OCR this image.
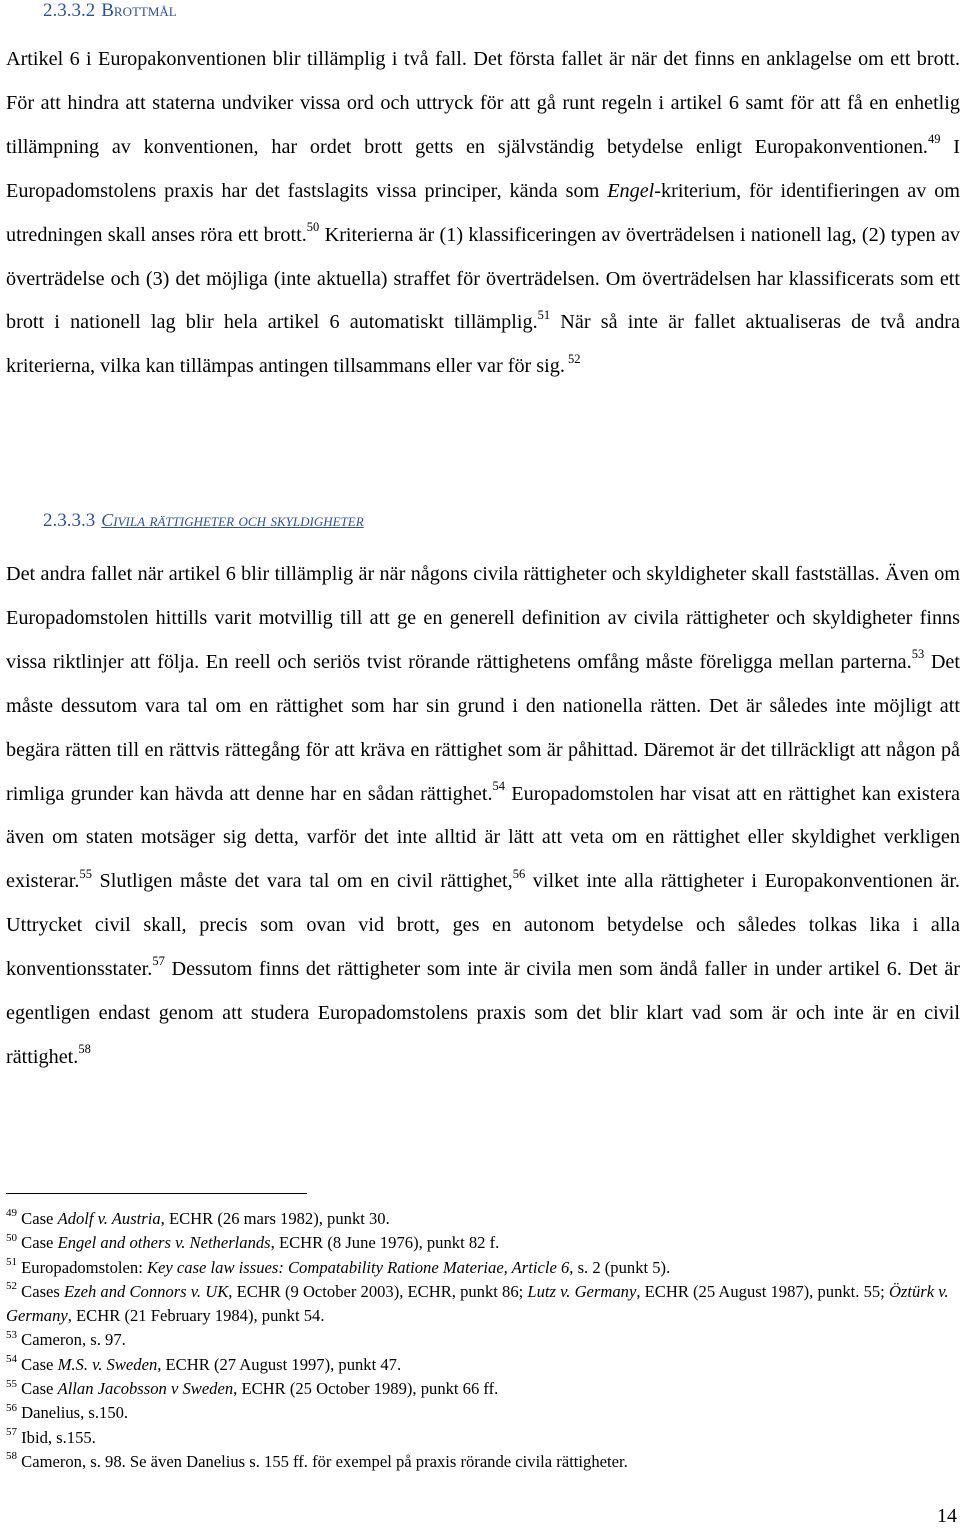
2.3.3.2 Brottmål
Artikel 6 i Europakonventionen blir tillämplig i två fall. Det första fallet är när det finns en anklagelse om ett brott. För att hindra att staterna undviker vissa ord och uttryck för att gå runt regeln i artikel 6 samt för att få en enhetlig tillämpning av konventionen, har ordet brott getts en självständig betydelse enligt Europakonventionen.$^{49}$ I Europadomstolens praxis har det fastslagits vissa principer, kända som Engel-kriterium, för identifieringen av om utredningen skall anses röra ett brott.$^{50}$ Kriterierna är (1) klassificeringen av överträdelsen i nationell lag, (2) typen av överträdelse och (3) det möjliga (inte aktuella) straffet för överträdelsen. Om överträdelsen har klassificerats som ett brott i nationell lag blir hela artikel 6 automatiskt tillämplig.$^{51}$ När så inte är fallet aktualiseras de två andra kriterierna, vilka kan tillämpas antingen tillsammans eller var för sig. $^{52}$
2.3.3.3 Civila rättigheter och skyldigheter
Det andra fallet när artikel 6 blir tillämplig är när någons civila rättigheter och skyldigheter skall fastställas. Även om Europadomstolen hittills varit motvillig till att ge en generell definition av civila rättigheter och skyldigheter finns vissa riktlinjer att följa. En reell och seriös tvist rörande rättighetens omfång måste föreligga mellan parterna.$^{53}$ Det måste dessutom vara tal om en rättighet som har sin grund i den nationella rätten. Det är således inte möjligt att begära rätten till en rättvis rättegång för att kräva en rättighet som är påhittad. Däremot är det tillräckligt att någon på rimliga grunder kan hävda att denne har en sådan rättighet.$^{54}$ Europadomstolen har visat att en rättighet kan existera även om staten motsäger sig detta, varför det inte alltid är lätt att veta om en rättighet eller skyldighet verkligen existerar.$^{55}$ Slutligen måste det vara tal om en civil rättighet,$^{56}$ vilket inte alla rättigheter i Europakonventionen är. Uttrycket civil skall, precis som ovan vid brott, ges en autonom betydelse och således tolkas lika i alla konventionsstater.$^{57}$ Dessutom finns det rättigheter som inte är civila men som ändå faller in under artikel 6. Det är egentligen endast genom att studera Europadomstolens praxis som det blir klart vad som är och inte är en civil rättighet.$^{58}$

$^{49}$ Case Adolf v. Austria, ECHR (26 mars 1982), punkt 30.

$^{50}$ Case Engel and others v. Netherlands, ECHR (8 June 1976), punkt 82 f.

$^{51}$ Europadomstolen: Key case law issues: Compatability Ratione Materiae, Article 6, s. 2 (punkt 5).

$^{52}$ Cases Ezeh and Connors v. UK, ECHR (9 October 2003), ECHR, punkt 86; Lutz v. Germany, ECHR (25 August 1987), punkt. 55; Öztürk v. Germany, ECHR (21 February 1984), punkt 54.

$^{53}$ Cameron, s. 97.

$^{54}$ Case M.S. v. Sweden, ECHR (27 August 1997), punkt 47.

$^{55}$ Case Allan Jacobsson v Sweden, ECHR (25 October 1989), punkt 66 ff.

$^{56}$ Danelius, s.150.

$^{57}$ Ibid, s.155.

$^{58}$ Cameron, s. 98. Se även Danelius s. 155 ff. för exempel på praxis rörande civila rättigheter.

14
